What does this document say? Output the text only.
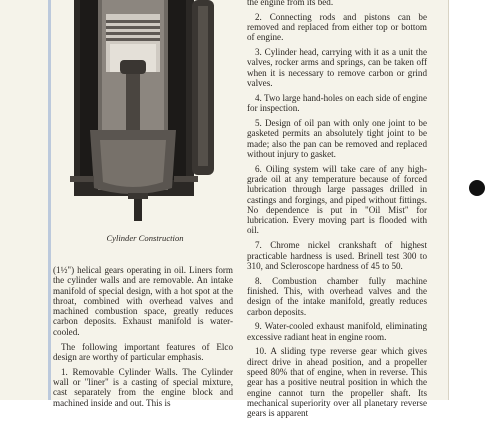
Cylinder Construction

(1½") helical gears operating in oil. Liners form the cylinder walls and are removable. An intake manifold of special design, with a hot spot at the throat, combined with overhead valves and machined combustion space, greatly reduces carbon deposits. Exhaust manifold is water-cooled.

The following important features of Elco design are worthy of particular emphasis.

1. Removable Cylinder Walls. The Cylinder wall or "liner" is a casting of special mixture, cast separately from the engine block and machined inside and out. This is

the engine from its bed.

2. Connecting rods and pistons can be removed and replaced from either top or bottom of engine.

3. Cylinder head, carrying with it as a unit the valves, rocker arms and springs, can be taken off when it is necessary to remove carbon or grind valves.

4. Two large hand-holes on each side of engine for inspection.

5. Design of oil pan with only one joint to be gasketed permits an absolutely tight joint to be made; also the pan can be removed and replaced without injury to gasket.

6. Oiling system will take care of any high-grade oil at any temperature because of forced lubrication through large passages drilled in castings and forgings, and piped without fittings. No dependence is put in "Oil Mist" for lubrication. Every moving part is flooded with oil.

7. Chrome nickel crankshaft of highest practicable hardness is used. Brinell test 300 to 310, and Scleroscope hardness of 45 to 50.

8. Combustion chamber fully machine finished. This, with overhead valves and the design of the intake manifold, greatly reduces carbon deposits.

9. Water-cooled exhaust manifold, eliminating excessive radiant heat in engine room.

10. A sliding type reverse gear which gives direct drive in ahead position, and a propeller speed 80% that of engine, when in reverse. This gear has a positive neutral position in which the engine cannot turn the propeller shaft. Its mechanical superiority over all planetary reverse gears is apparent
